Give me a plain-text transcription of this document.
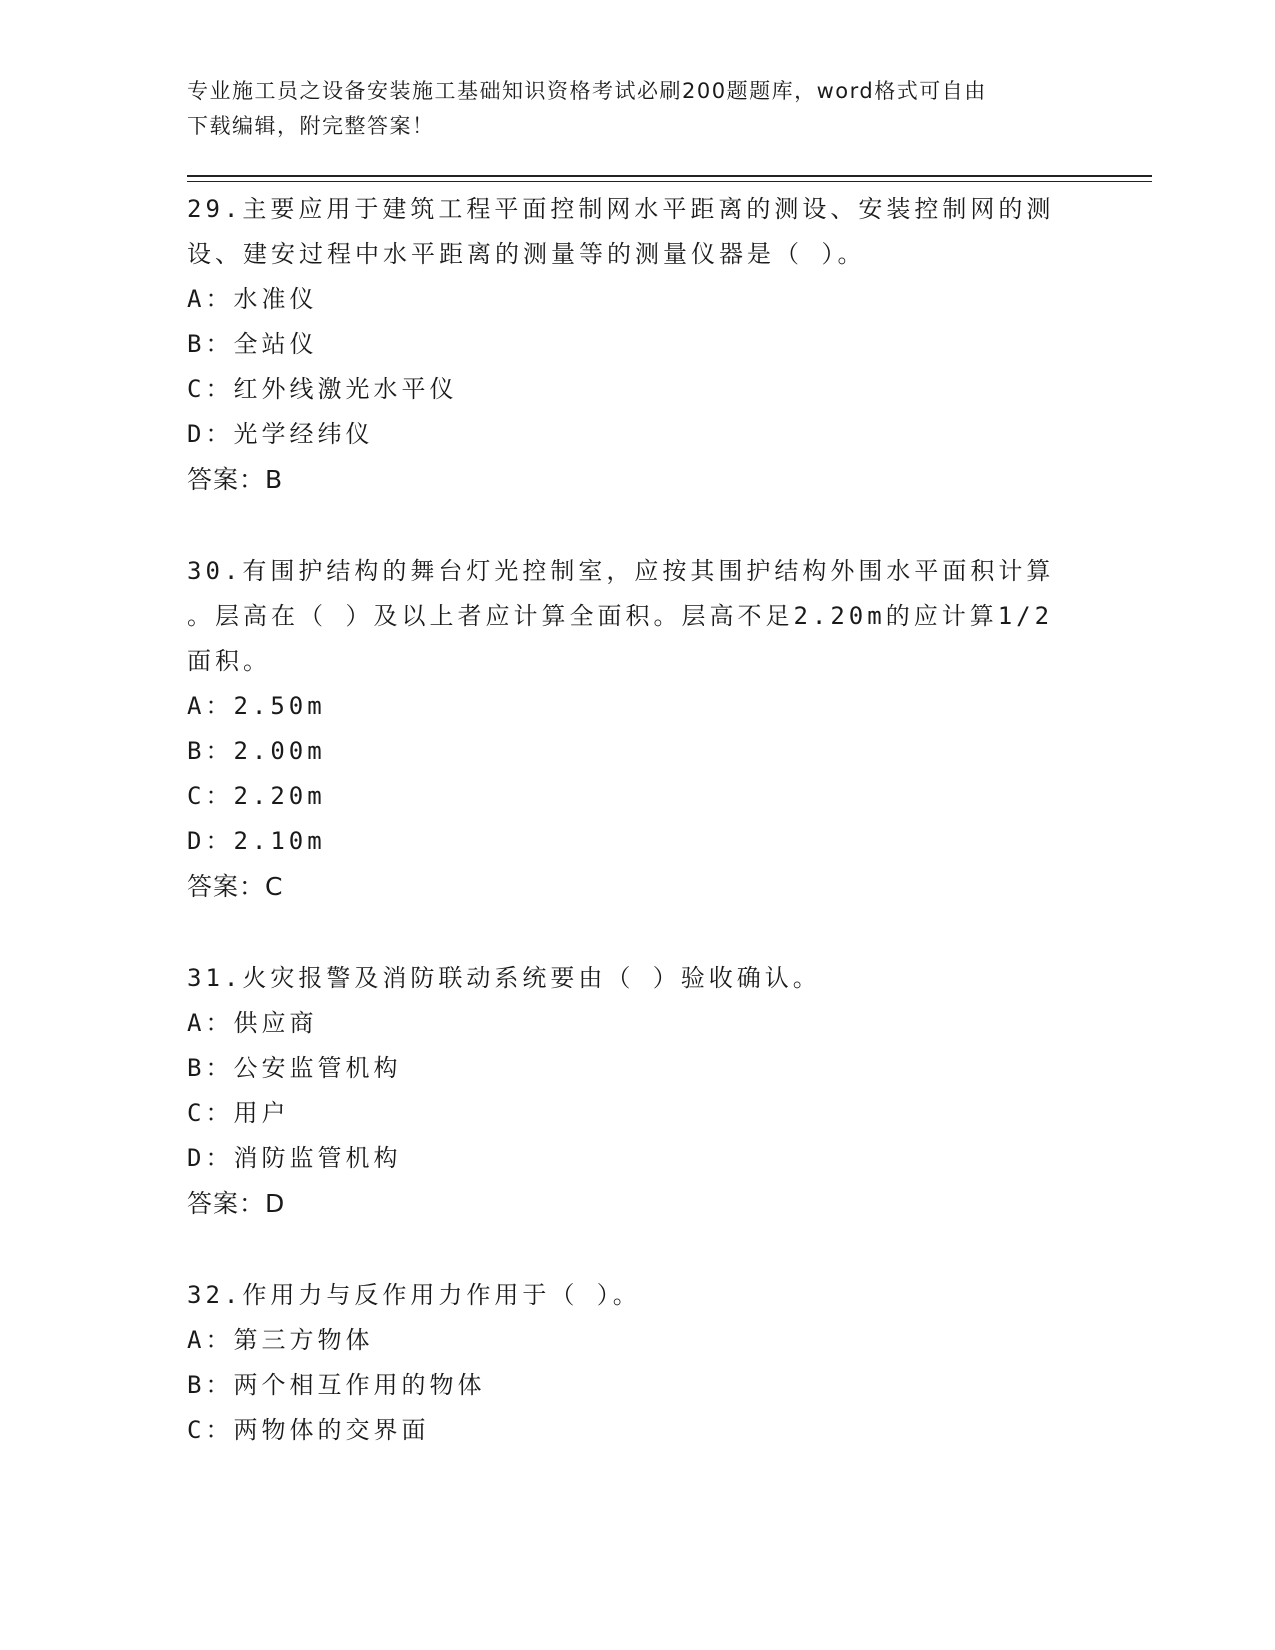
专业施工员之设备安装施工基础知识资格考试必刷200题题库，word格式可自由
下载编辑，附完整答案！

29.主要应用于建筑工程平面控制网水平距离的测设、安装控制网的测

设、建安过程中水平距离的测量等的测量仪器是（ ）。

A：水准仪

B：全站仪

C：红外线激光水平仪

D：光学经纬仪

答案：B

30.有围护结构的舞台灯光控制室，应按其围护结构外围水平面积计算

。层高在（ ）及以上者应计算全面积。层高不足2.20m的应计算1/2

面积。

A：2.50m

B：2.00m

C：2.20m

D：2.10m

答案：C

31.火灾报警及消防联动系统要由（ ）验收确认。

A：供应商

B：公安监管机构

C：用户

D：消防监管机构

答案：D

32.作用力与反作用力作用于（ ）。

A：第三方物体

B：两个相互作用的物体

C：两物体的交界面
